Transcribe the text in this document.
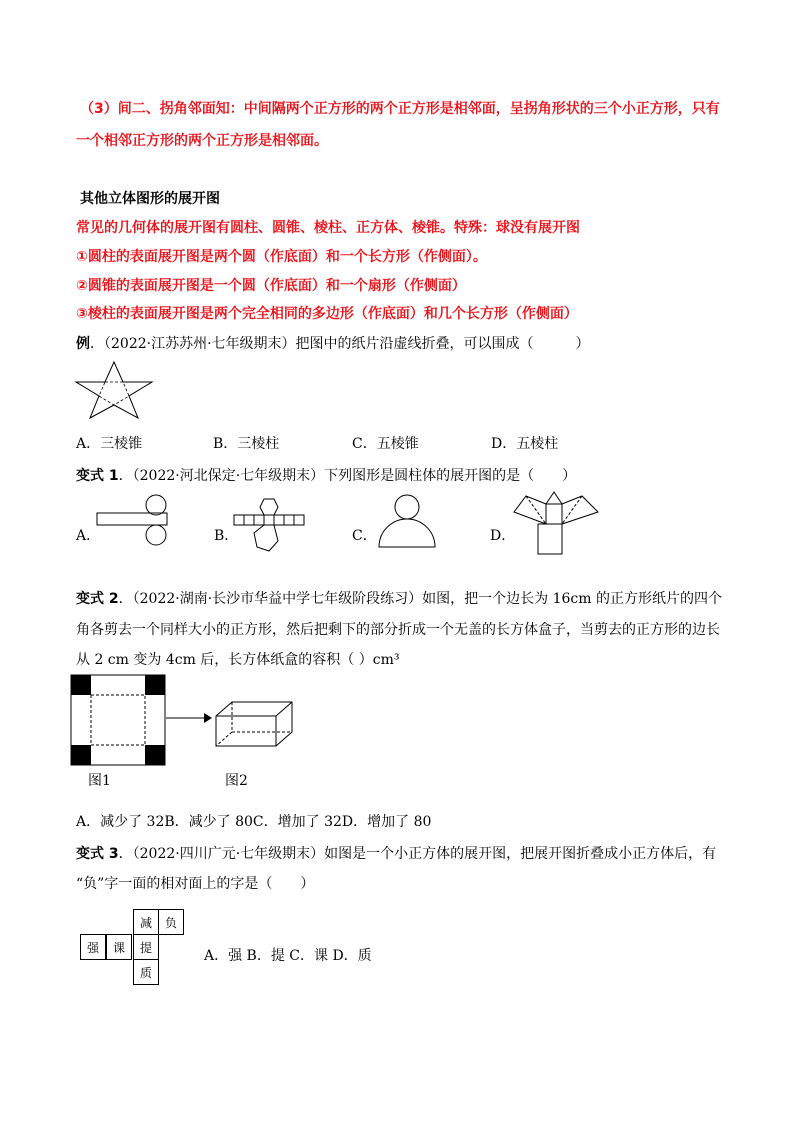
（3）间二、拐角邻面知：中间隔两个正方形的两个正方形是相邻面，呈拐角形状的三个小正方形，只有
一个相邻正方形的两个正方形是相邻面。
其他立体图形的展开图
常见的几何体的展开图有圆柱、圆锥、棱柱、正方体、棱锥。特殊：球没有展开图
①圆柱的表面展开图是两个圆（作底面）和一个长方形（作侧面）。
②圆锥的表面展开图是一个圆（作底面）和一个扇形（作侧面）
③棱柱的表面展开图是两个完全相同的多边形（作底面）和几个长方形（作侧面）
例．（2022·江苏苏州·七年级期末）把图中的纸片沿虚线折叠，可以围成（　　　）
A．三棱锥	B．三棱柱	C．五棱锥	D．五棱柱
变式 1．（2022·河北保定·七年级期末）下列图形是圆柱体的展开图的是（　　）
A．	B．	C．	D．
变式 2．（2022·湖南·长沙市华益中学七年级阶段练习）如图，把一个边长为 16cm 的正方形纸片的四个
角各剪去一个同样大小的正方形，然后把剩下的部分折成一个无盖的长方体盒子，当剪去的正方形的边长
从 2 cm 变为 4cm 后，长方体纸盒的容积（ ）cm³
图1	图2
A．减少了 32B．减少了 80C．增加了 32D．增加了 80
变式 3．（2022·四川广元·七年级期末）如图是一个小正方体的展开图，把展开图折叠成小正方体后，有
“负”字一面的相对面上的字是（　　）
减	负
强	课	提
质
A．强 B．提 C．课 D．质
